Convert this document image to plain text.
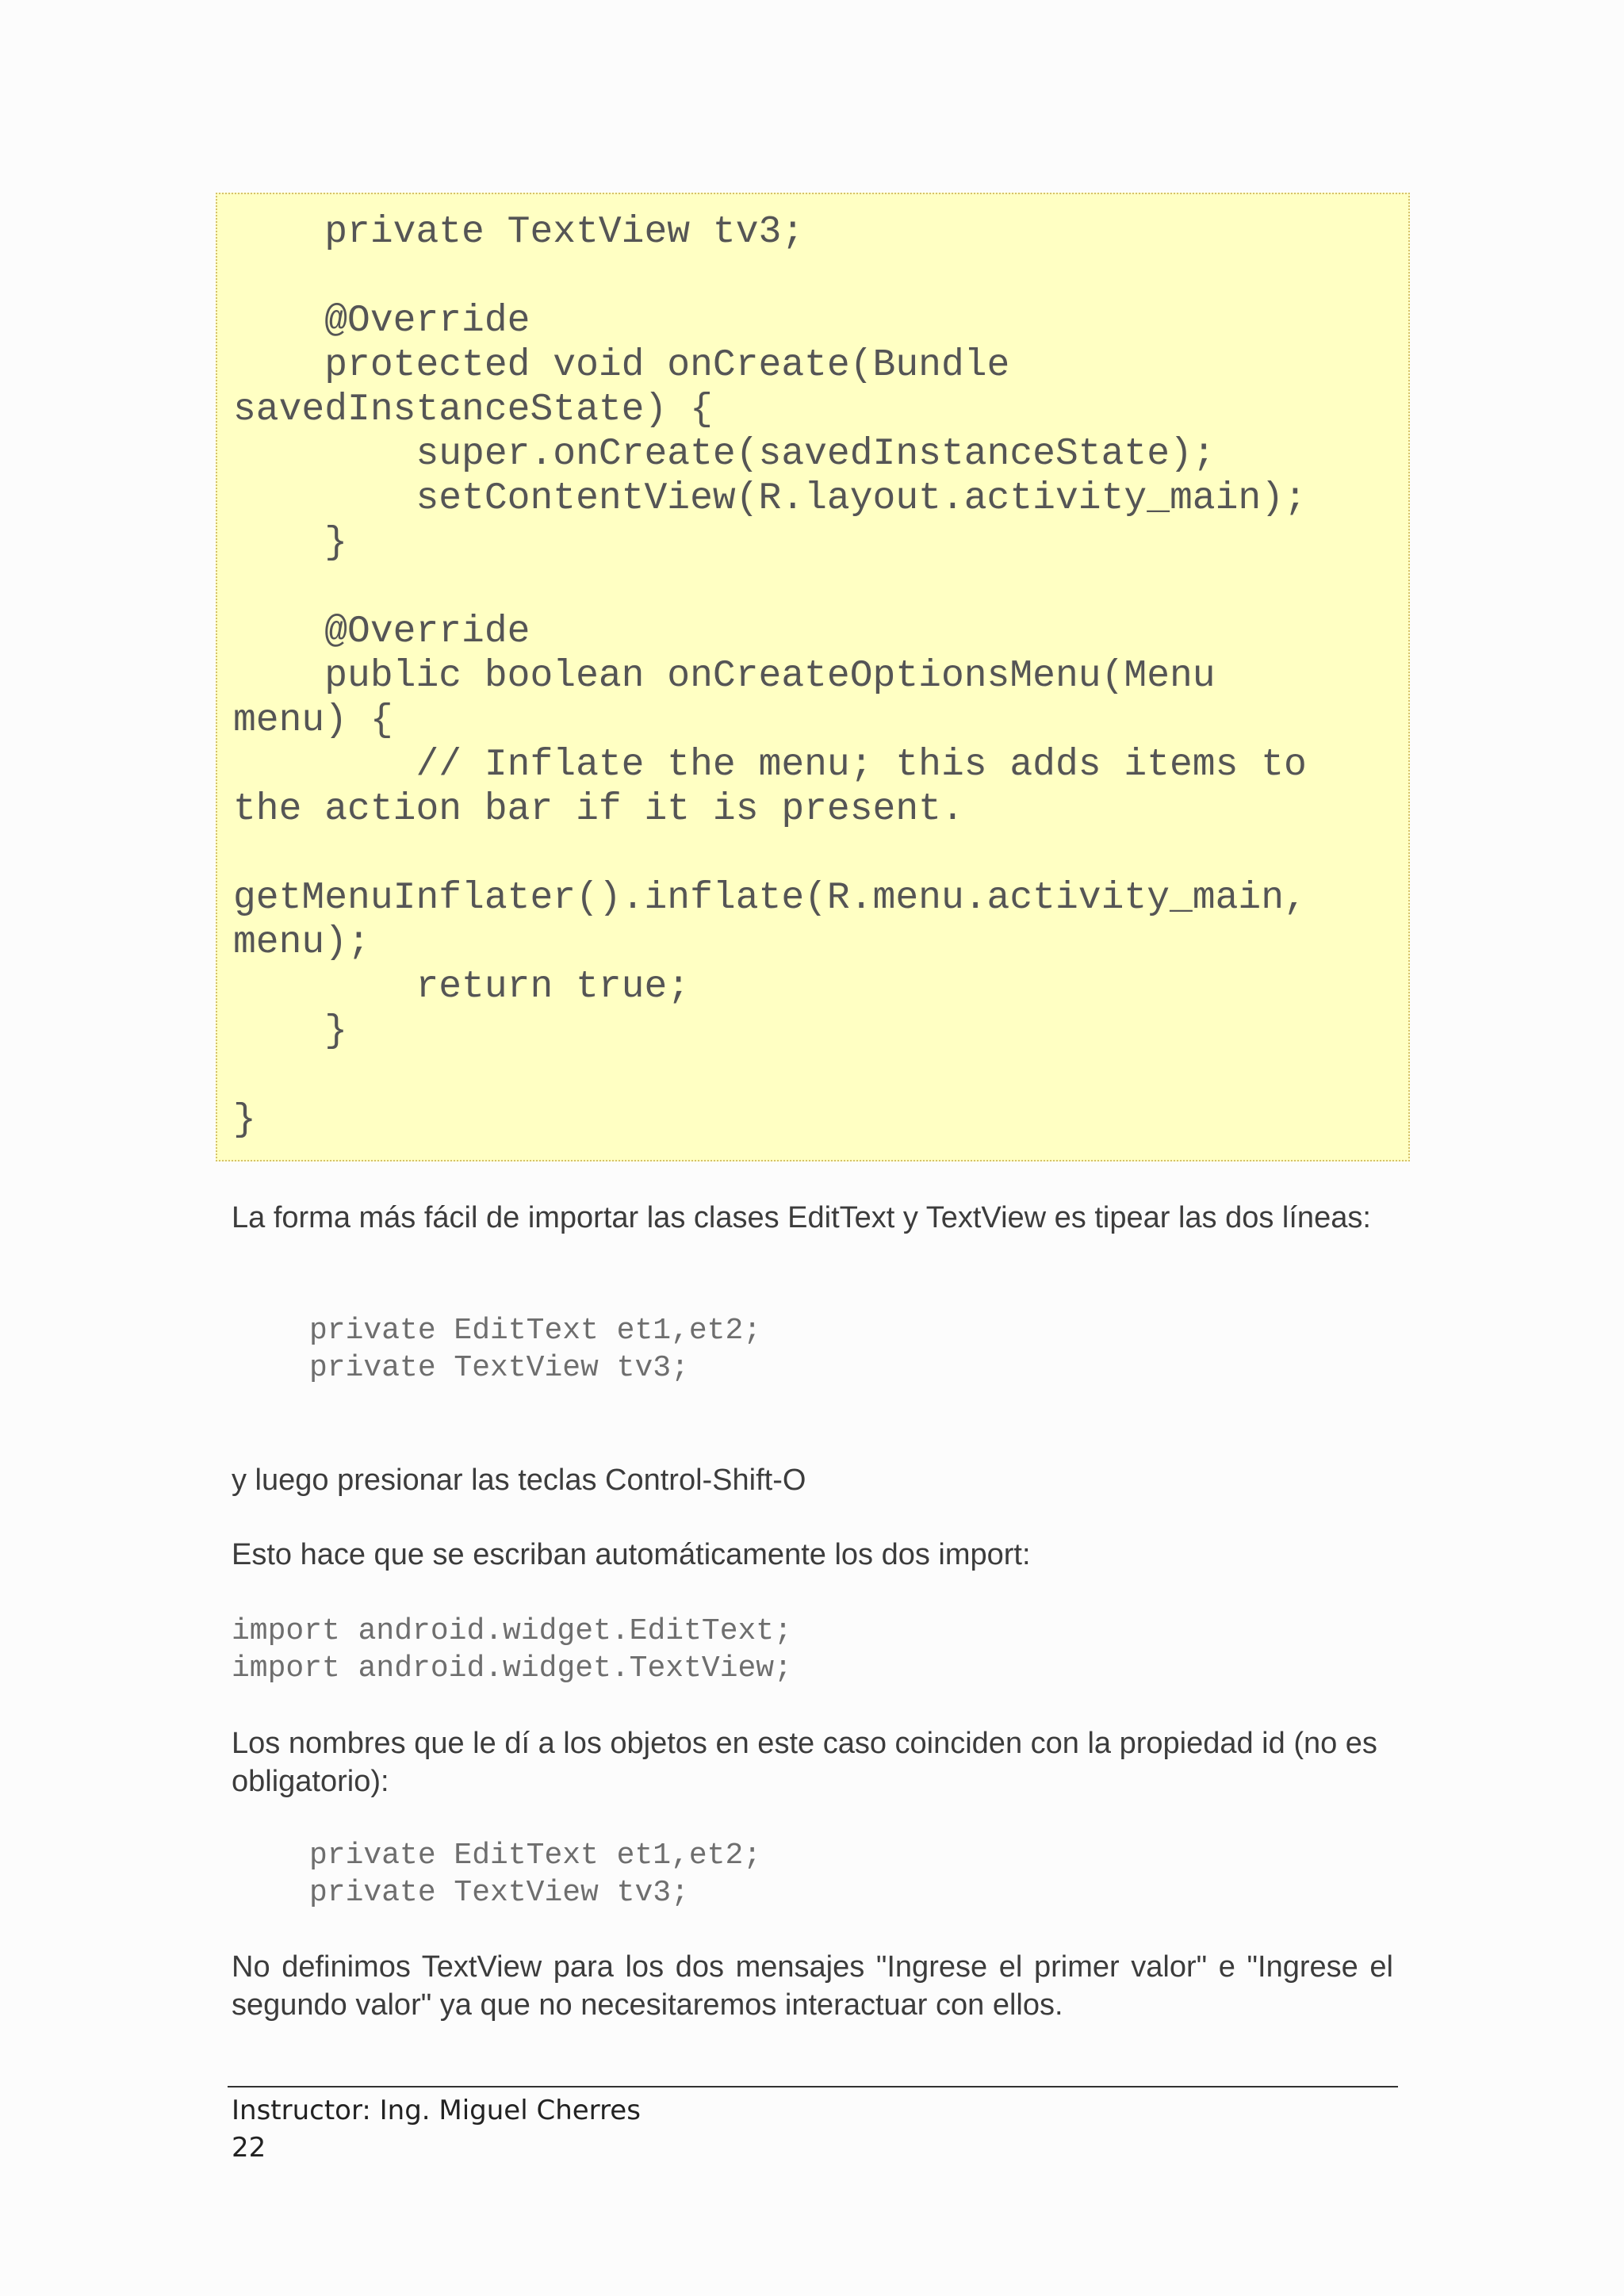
private TextView tv3;
@Override
protected void onCreate(Bundle
savedInstanceState) {
super.onCreate(savedInstanceState);
setContentView(R.layout.activity_main);
}
@Override
public boolean onCreateOptionsMenu(Menu
menu) {
// Inflate the menu; this adds items to
the action bar if it is present.
getMenuInflater().inflate(R.menu.activity_main,
menu);
return true;
}
}

La forma más fácil de importar las clases EditText y TextView es tipear las dos líneas:

private EditText et1,et2;
private TextView tv3;

y luego presionar las teclas Control-Shift-O

Esto hace que se escriban automáticamente los dos import:

import android.widget.EditText;
import android.widget.TextView;

Los nombres que le dí a los objetos en este caso coinciden con la propiedad id (no es obligatorio):

private EditText et1,et2;
private TextView tv3;

No definimos TextView para los dos mensajes "Ingrese el primer valor" e "Ingrese el segundo valor" ya que no necesitaremos interactuar con ellos.

Instructor: Ing. Miguel Cherres
22
